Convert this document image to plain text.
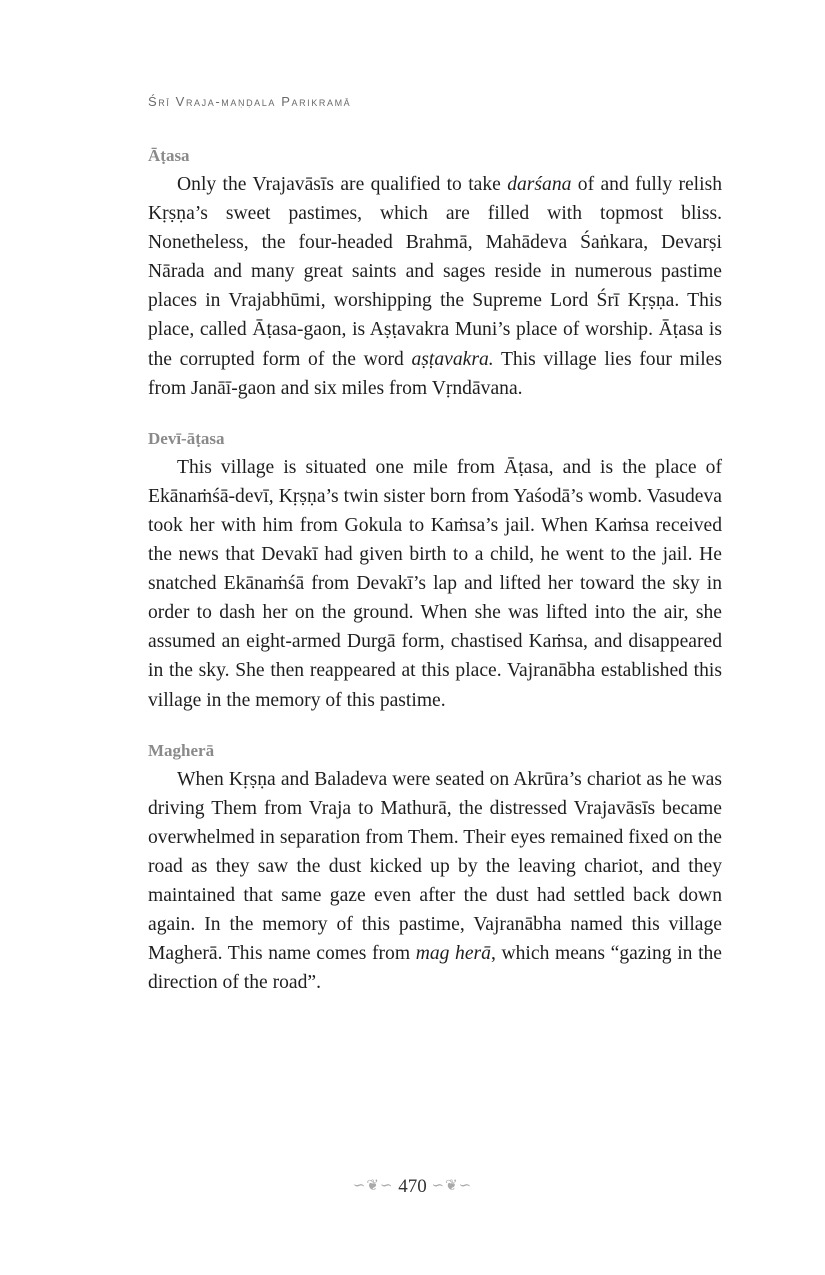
Śrī Vraja-maṇḍala Parikramā
Āṭasa

Only the Vrajavāsīs are qualified to take darśana of and fully relish Kṛṣṇa’s sweet pastimes, which are filled with topmost bliss. Nonetheless, the four-headed Brahmā, Mahādeva Śaṅkara, Devarṣi Nārada and many great saints and sages reside in numerous pastime places in Vrajabhūmi, worshipping the Supreme Lord Śrī Kṛṣṇa. This place, called Āṭasa-gaon, is Aṣṭavakra Muni’s place of worship. Āṭasa is the corrupted form of the word aṣṭavakra. This village lies four miles from Janāī-gaon and six miles from Vṛndāvana.

Devī-āṭasa

This village is situated one mile from Āṭasa, and is the place of Ekānaṁśā-devī, Kṛṣṇa’s twin sister born from Yaśodā’s womb. Vasudeva took her with him from Gokula to Kaṁsa’s jail. When Kaṁsa received the news that Devakī had given birth to a child, he went to the jail. He snatched Ekānaṁśā from Devakī’s lap and lifted her toward the sky in order to dash her on the ground. When she was lifted into the air, she assumed an eight-armed Durgā form, chastised Kaṁsa, and disappeared in the sky. She then reappeared at this place. Vajranābha established this village in the memory of this pastime.

Magherā

When Kṛṣṇa and Baladeva were seated on Akrūra’s chariot as he was driving Them from Vraja to Mathurā, the distressed Vrajavāsīs became overwhelmed in separation from Them. Their eyes remained fixed on the road as they saw the dust kicked up by the leaving chariot, and they maintained that same gaze even after the dust had settled back down again. In the memory of this pastime, Vajranābha named this village Magherā. This name comes from mag herā, which means “gazing in the direction of the road”.

∽❦∽ 470 ∽❦∽
